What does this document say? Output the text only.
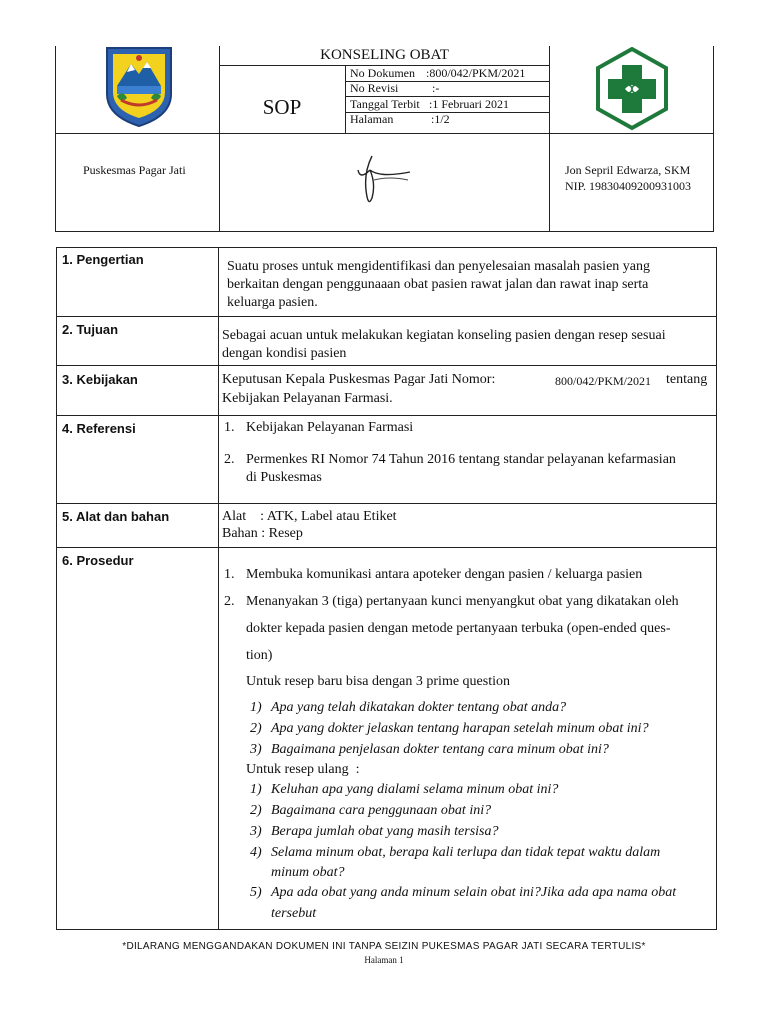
KONSELING OBAT
SOP
No Dokumen :800/042/PKM/2021
No Revisi	:-
Tanggal Terbit :1 Februari 2021
Halaman	:1/2
Puskesmas Pagar Jati	Jon Sepril Edwarza, SKM
NIP. 19830409200931003
1. Pengertian	Suatu proses untuk mengidentifikasi dan penyelesaian masalah pasien yang
berkaitan dengan penggunaaan obat pasien rawat jalan dan rawat inap serta
keluarga pasien.
2. Tujuan	Sebagai acuan untuk melakukan kegiatan konseling pasien dengan resep sesuai
dengan kondisi pasien
3. Kebijakan	Keputusan Kepala Puskesmas Pagar Jati Nomor:	800/042/PKM/2021 tentang
Kebijakan Pelayanan Farmasi.
4. Referensi	1. Kebijakan Pelayanan Farmasi
2. Permenkes RI Nomor 74 Tahun 2016 tentang standar pelayanan kefarmasian
di Puskesmas
5. Alat dan bahan	Alat    : ATK, Label atau Etiket
Bahan : Resep
6. Prosedur
1. Membuka komunikasi antara apoteker dengan pasien / keluarga pasien
2. Menanyakan 3 (tiga) pertanyaan kunci menyangkut obat yang dikatakan oleh
dokter kepada pasien dengan metode pertanyaan terbuka (open-ended ques-
tion)
Untuk resep baru bisa dengan 3 prime question
1) Apa yang telah dikatakan dokter tentang obat anda?
2) Apa yang dokter jelaskan tentang harapan setelah minum obat ini?
3) Bagaimana penjelasan dokter tentang cara minum obat ini?
Untuk resep ulang  :
1) Keluhan apa yang dialami selama minum obat ini?
2) Bagaimana cara penggunaan obat ini?
3) Berapa jumlah obat yang masih tersisa?
4) Selama minum obat, berapa kali terlupa dan tidak tepat waktu dalam
minum obat?
5) Apa ada obat yang anda minum selain obat ini?Jika ada apa nama obat
tersebut
*DILARANG MENGGANDAKAN DOKUMEN INI TANPA SEIZIN PUKESMAS PAGAR JATI SECARA TERTULIS*
Halaman 1
